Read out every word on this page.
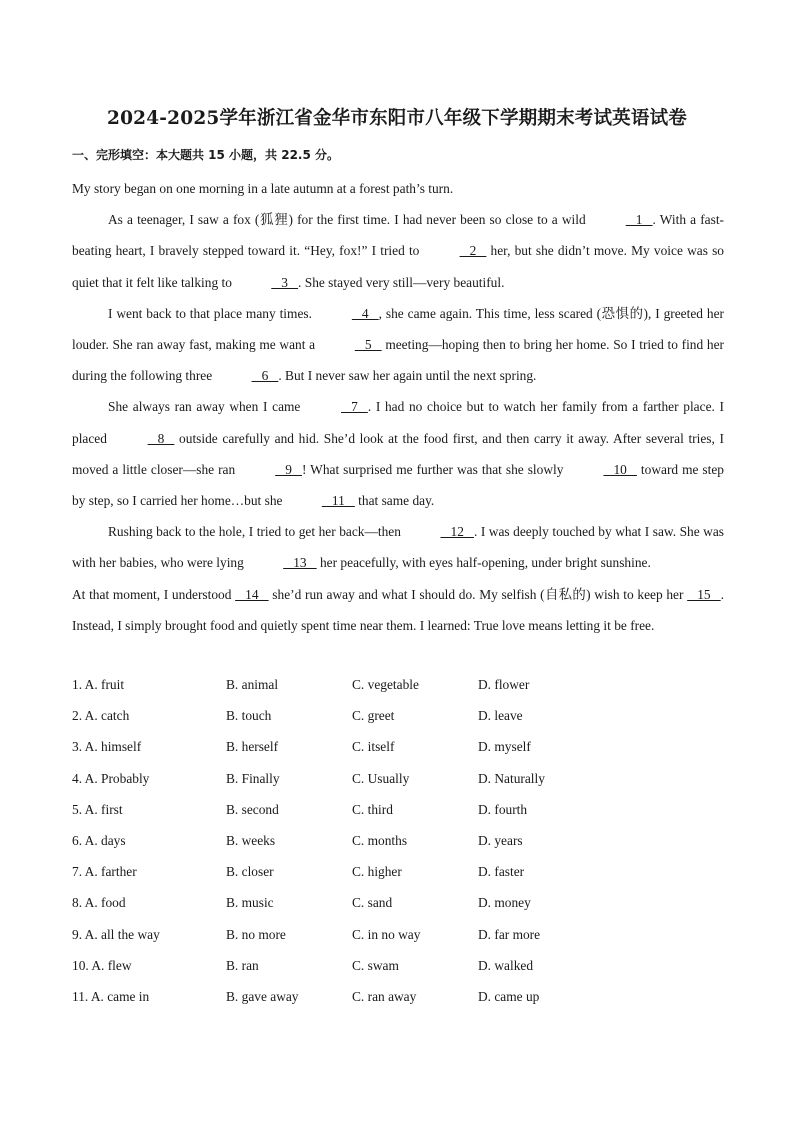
2024-2025学年浙江省金华市东阳市八年级下学期期末考试英语试卷
一、完形填空：本大题共 15 小题，共 22.5 分。

My story began on one morning in a late autumn at a forest path’s turn.

As a teenager, I saw a fox (狐狸) for the first time. I had never been so close to a wild	1   . With a fast-beating heart, I bravely stepped toward it. “Hey, fox!” I tried to	2    her, but she didn’t move. My voice was so quiet that it felt like talking to	3   . She stayed very still—very beautiful.

I went back to that place many times.	4   , she came again. This time, less scared (恐惧的), I greeted her louder. She ran away fast, making me want a	5    meeting—hoping then to bring her home. So I tried to find her during the following three	6   . But I never saw her again until the next spring.

She always ran away when I came	7   . I had no choice but to watch her family from a farther place. I placed	8    outside carefully and hid. She’d look at the food first, and then carry it away. After several tries, I moved a little closer—she ran	9   ! What surprised me further was that she slowly	10    toward me step by step, so I carried her home…but she	11    that same day.

Rushing back to the hole, I tried to get her back—then	12   . I was deeply touched by what I saw. She was with her babies, who were lying	13    her peacefully, with eyes half-opening, under bright sunshine.

At that moment, I understood    14    she’d run away and what I should do. My selfish (自私的) wish to keep her    15   . Instead, I simply brought food and quietly spent time near them. I learned: True love means letting it be free.

1. A. fruit	B. animal	C. vegetable	D. flower
2. A. catch	B. touch	C. greet	D. leave
3. A. himself	B. herself	C. itself	D. myself
4. A. Probably	B. Finally	C. Usually	D. Naturally
5. A. first	B. second	C. third	D. fourth
6. A. days	B. weeks	C. months	D. years
7. A. farther	B. closer	C. higher	D. faster
8. A. food	B. music	C. sand	D. money
9. A. all the way	B. no more	C. in no way	D. far more
10. A. flew	B. ran	C. swam	D. walked
11. A. came in	B. gave away	C. ran away	D. came up
